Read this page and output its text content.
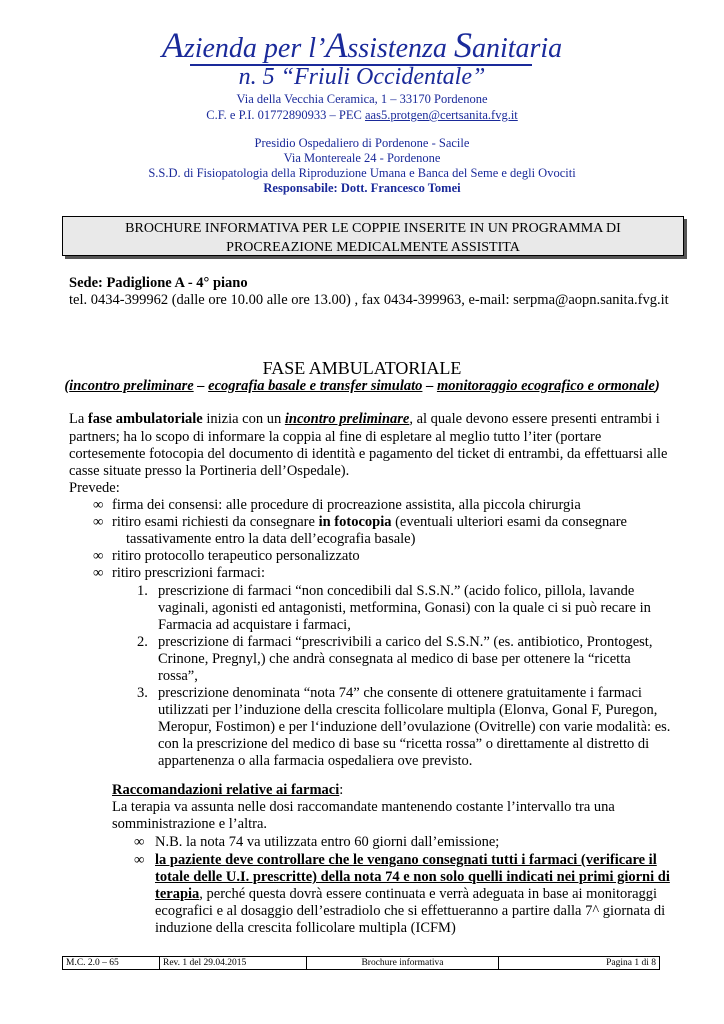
Azienda per l’Assistenza Sanitaria
n. 5 “Friuli Occidentale”
Via della Vecchia Ceramica, 1 – 33170 Pordenone
C.F. e P.I. 01772890933 – PEC aas5.protgen@certsanita.fvg.it
Presidio Ospedaliero di Pordenone - Sacile
Via Montereale 24 - Pordenone
S.S.D. di Fisiopatologia della Riproduzione Umana e Banca del Seme e degli Ovociti
Responsabile: Dott. Francesco Tomei
BROCHURE INFORMATIVA PER LE COPPIE INSERITE IN UN PROGRAMMA DI
PROCREAZIONE MEDICALMENTE ASSISTITA
Sede: Padiglione A - 4° piano
tel. 0434-399962 (dalle ore 10.00 alle ore 13.00) , fax 0434-399963, e-mail: serpma@aopn.sanita.fvg.it
FASE AMBULATORIALE
(incontro preliminare – ecografia basale e transfer simulato – monitoraggio ecografico e ormonale)
La fase ambulatoriale inizia con un incontro preliminare, al quale devono essere presenti entrambi i
partners; ha lo scopo di informare la coppia al fine di espletare al meglio tutto l’iter (portare
cortesemente fotocopia del documento di identità e pagamento del ticket di entrambi, da effettuarsi alle
casse situate presso la Portineria dell’Ospedale).
Prevede:
∞ firma dei consensi: alle procedure di procreazione assistita, alla piccola chirurgia
∞ ritiro esami richiesti da consegnare in fotocopia (eventuali ulteriori esami da consegnare
tassativamente entro la data dell’ecografia basale)
∞ ritiro protocollo terapeutico personalizzato
∞ ritiro prescrizioni farmaci:
1. prescrizione di farmaci “non concedibili dal S.S.N.” (acido folico, pillola, lavande
vaginali, agonisti ed antagonisti, metformina, Gonasi) con la quale ci si può recare in
Farmacia ad acquistare i farmaci,
2. prescrizione di farmaci “prescrivibili a carico del S.S.N.” (es. antibiotico, Prontogest,
Crinone, Pregnyl,) che andrà consegnata al medico di base per ottenere la “ricetta
rossa”,
3. prescrizione denominata “nota 74” che consente di ottenere gratuitamente i farmaci
utilizzati per l’induzione della crescita follicolare multipla (Elonva, Gonal F, Puregon,
Meropur, Fostimon) e per l‘induzione dell’ovulazione (Ovitrelle) con varie modalità: es.
con la prescrizione del medico di base su “ricetta rossa” o direttamente al distretto di
appartenenza o alla farmacia ospedaliera ove previsto.
Raccomandazioni relative ai farmaci:
La terapia va assunta nelle dosi raccomandate mantenendo costante l’intervallo tra una
somministrazione e l’altra.
∞ N.B. la nota 74 va utilizzata entro 60 giorni dall’emissione;
∞ la paziente deve controllare che le vengano consegnati tutti i farmaci (verificare il
totale delle U.I. prescritte) della nota 74 e non solo quelli indicati nei primi giorni di
terapia, perché questa dovrà essere continuata e verrà adeguata in base ai monitoraggi
ecografici e al dosaggio dell’estradiolo che si effettueranno a partire dalla 7^ giornata di
induzione della crescita follicolare multipla (ICFM)
M.C. 2.0 – 65	Rev. 1 del 29.04.2015	Brochure informativa	Pagina 1 di 8
